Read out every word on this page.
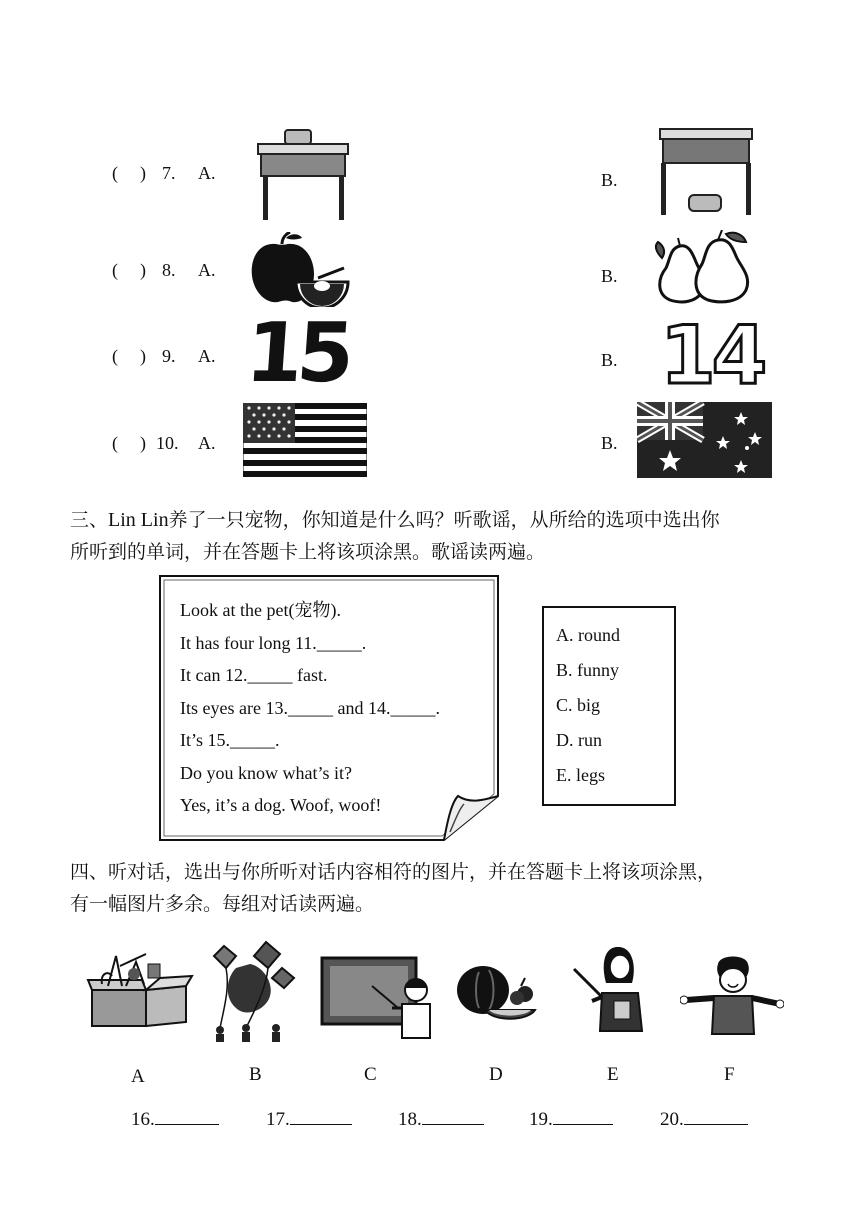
( ) 7. A.	B.
( ) 8. A.	B.
( ) 9. A. 15	B. 14
( ) 10. A.	B.
三、Lin Lin养了一只宠物，你知道是什么吗？听歌谣，从所给的选项中选出你
所听到的单词，并在答题卡上将该项涂黑。歌谣读两遍。
Look at the pet(宠物).
It has four long 11._____.
It can 12._____ fast.
Its eyes are 13._____ and 14._____.
It’s 15._____.
Do you know what’s it?
Yes, it’s a dog. Woof, woof!
A. round
B. funny
C. big
D. run
E. legs
四、听对话，选出与你所听对话内容相符的图片，并在答题卡上将该项涂黑，
有一幅图片多余。每组对话读两遍。
A	B	C	D	E	F
16.	17.	18.	19.	20.
